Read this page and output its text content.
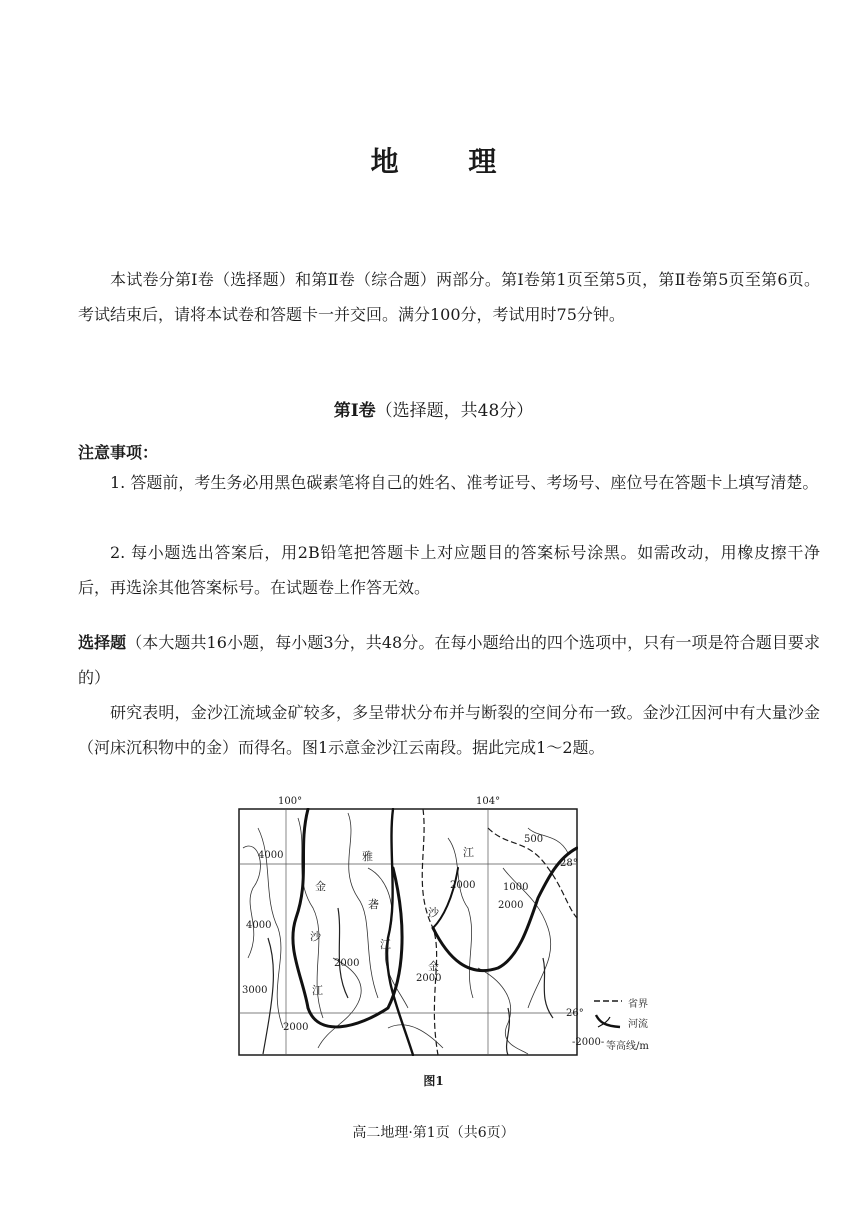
地 理

本试卷分第Ⅰ卷（选择题）和第Ⅱ卷（综合题）两部分。第Ⅰ卷第1页至第5页，第Ⅱ卷第5页至第6页。考试结束后，请将本试卷和答题卡一并交回。满分100分，考试用时75分钟。

第Ⅰ卷（选择题，共48分）
注意事项：

1. 答题前，考生务必用黑色碳素笔将自己的姓名、准考证号、考场号、座位号在答题卡上填写清楚。

2. 每小题选出答案后，用2B铅笔把答题卡上对应题目的答案标号涂黑。如需改动，用橡皮擦干净后，再选涂其他答案标号。在试题卷上作答无效。

选择题（本大题共16小题，每小题3分，共48分。在每小题给出的四个选项中，只有一项是符合题目要求的）

研究表明，金沙江流域金矿较多，多呈带状分布并与断裂的空间分布一致。金沙江因河中有大量沙金（河床沉积物中的金）而得名。图1示意金沙江云南段。据此完成1～2题。

4000
4000
3000
2000
2000
2000
2000
1000
2000
500
金
沙
江
雅
砻
江
金
沙
江
100°	104°
28°
26°
省界
河流
-2000- 等高线/m
图1
高二地理·第1页（共6页）
